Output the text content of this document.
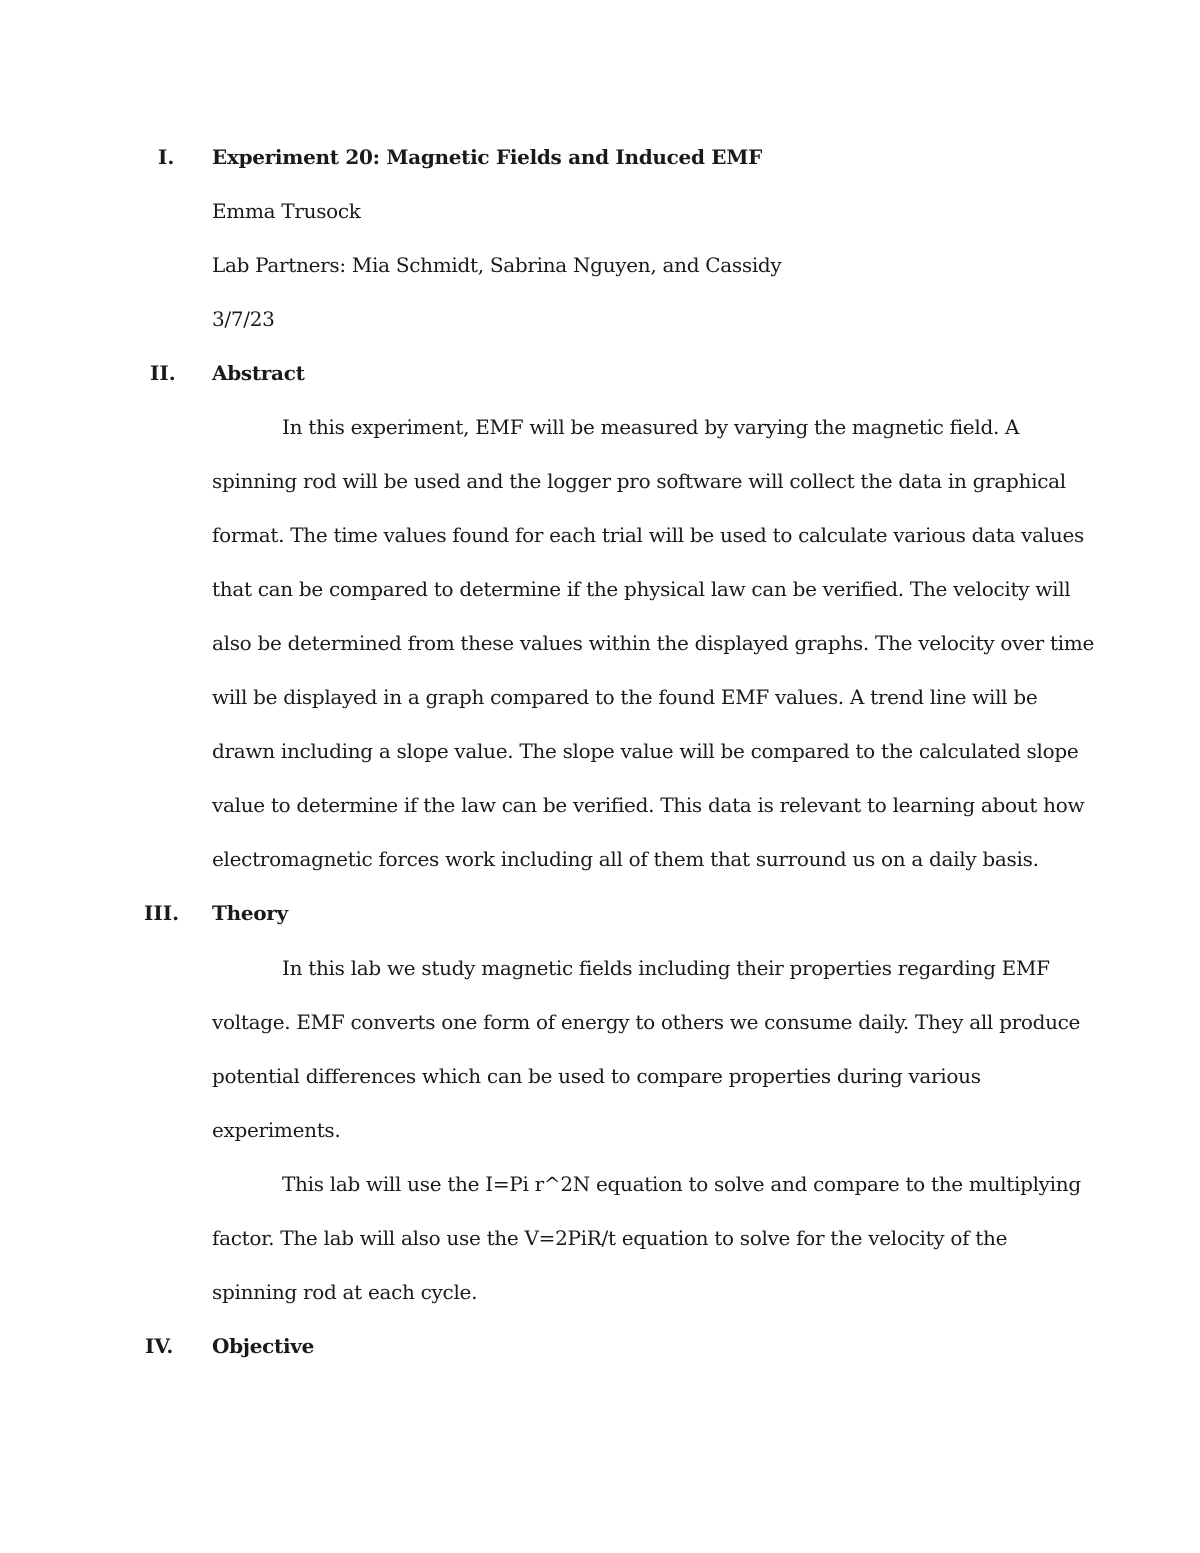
I. Experiment 20: Magnetic Fields and Induced EMF
Emma Trusock
Lab Partners: Mia Schmidt, Sabrina Nguyen, and Cassidy
3/7/23
II. Abstract
In this experiment, EMF will be measured by varying the magnetic field. A
spinning rod will be used and the logger pro software will collect the data in graphical
format. The time values found for each trial will be used to calculate various data values
that can be compared to determine if the physical law can be verified. The velocity will
also be determined from these values within the displayed graphs. The velocity over time
will be displayed in a graph compared to the found EMF values. A trend line will be
drawn including a slope value. The slope value will be compared to the calculated slope
value to determine if the law can be verified. This data is relevant to learning about how
electromagnetic forces work including all of them that surround us on a daily basis.
III. Theory
In this lab we study magnetic fields including their properties regarding EMF
voltage. EMF converts one form of energy to others we consume daily. They all produce
potential differences which can be used to compare properties during various
experiments.
This lab will use the I=Pi r^2N equation to solve and compare to the multiplying
factor. The lab will also use the V=2PiR/t equation to solve for the velocity of the
spinning rod at each cycle.
IV. Objective
